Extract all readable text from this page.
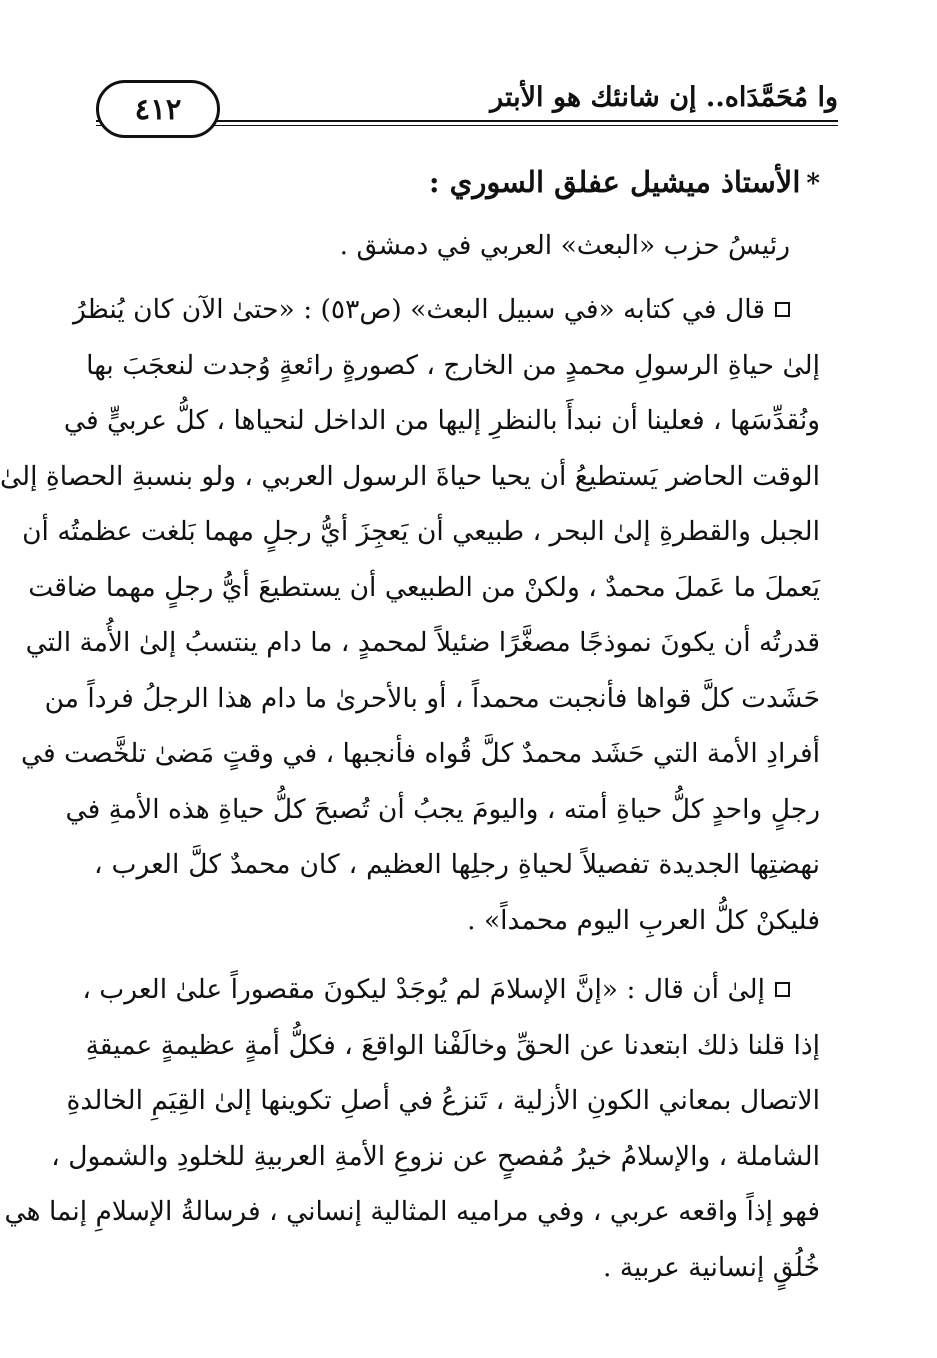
٤١٢	وا مُحَمَّدَاه.. إن شانئك هو الأبتر
*الأستاذ ميشيل عفلق السوري :
رئيسُ حزب «البعث» العربي في دمشق .
قال في كتابه «في سبيل البعث» (ص٥٣) : «حتىٰ الآن كان يُنظرُ
إلىٰ حياةِ الرسولِ محمدٍ من الخارج ، كصورةٍ رائعةٍ وُجدت لنعجَبَ بها
ونُقدِّسَها ، فعلينا أن نبدأَ بالنظرِ إليها من الداخل لنحياها ، كلُّ عربيٍّ في
الوقت الحاضر يَستطيعُ أن يحيا حياةَ الرسول العربي ، ولو بنسبةِ الحصاةِ إلىٰ
الجبل والقطرةِ إلىٰ البحر ، طبيعي أن يَعجِزَ أيُّ رجلٍ مهما بَلغت عظمتُه أن
يَعملَ ما عَملَ محمدٌ ، ولكنْ من الطبيعي أن يستطيعَ أيُّ رجلٍ مهما ضاقت
قدرتُه أن يكونَ نموذجًا مصغَّرًا ضئيلاً لمحمدٍ ، ما دام ينتسبُ إلىٰ الأُمة التي
حَشَدت كلَّ قواها فأنجبت محمداً ، أو بالأحرىٰ ما دام هذا الرجلُ فرداً من
أفرادِ الأمة التي حَشَد محمدٌ كلَّ قُواه فأنجبها ، في وقتٍ مَضىٰ تلخَّصت في
رجلٍ واحدٍ كلُّ حياةِ أمته ، واليومَ يجبُ أن تُصبحَ كلُّ حياةِ هذه الأمةِ في
نهضتِها الجديدة تفصيلاً لحياةِ رجلِها العظيم ، كان محمدٌ كلَّ العرب ،
فليكنْ كلُّ العربِ اليوم محمداً» .
إلىٰ أن قال : «إنَّ الإسلامَ لم يُوجَدْ ليكونَ مقصوراً علىٰ العرب ،
إذا قلنا ذلك ابتعدنا عن الحقِّ وخالَفْنا الواقعَ ، فكلُّ أمةٍ عظيمةٍ عميقةِ
الاتصال بمعاني الكونِ الأزلية ، تَنزعُ في أصلِ تكوينها إلىٰ القِيَمِ الخالدةِ
الشاملة ، والإسلامُ خيرُ مُفصحٍ عن نزوعِ الأمةِ العربيةِ للخلودِ والشمول ،
فهو إذاً واقعه عربي ، وفي مراميه المثالية إنساني ، فرسالةُ الإسلامِ إنما هي
خُلُقٍ إنسانية عربية .
